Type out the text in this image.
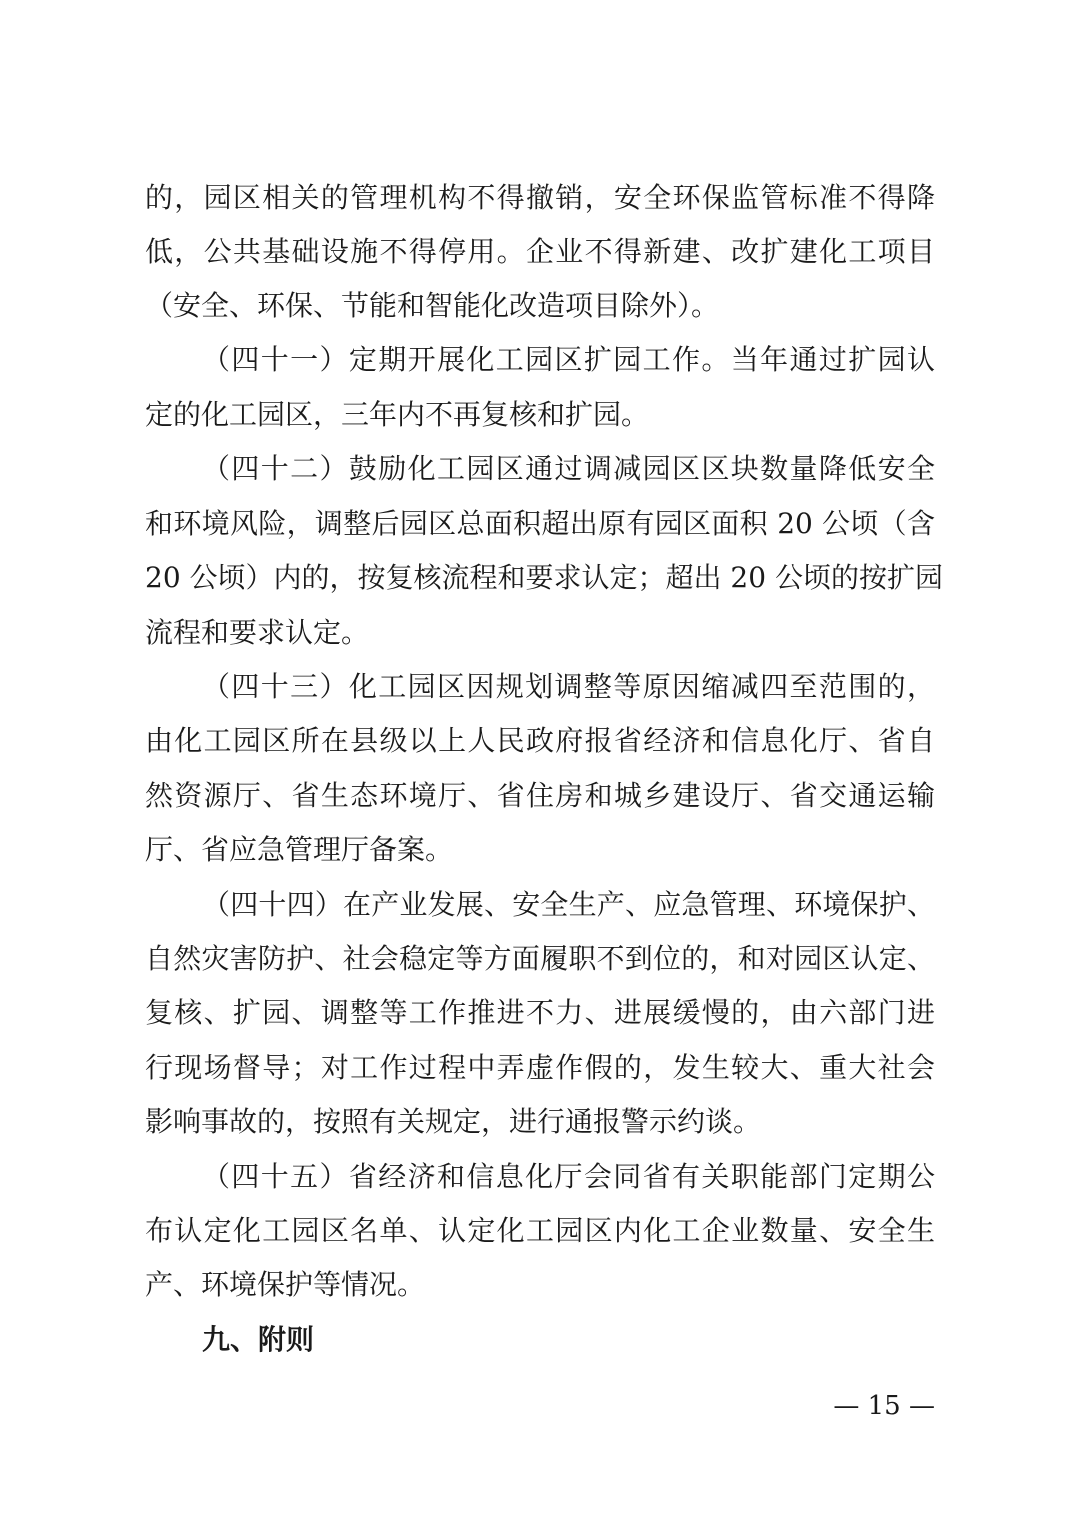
的，园区相关的管理机构不得撤销，安全环保监管标准不得降
低，公共基础设施不得停用。企业不得新建、改扩建化工项目
（安全、环保、节能和智能化改造项目除外）。
（四十一）定期开展化工园区扩园工作。当年通过扩园认
定的化工园区，三年内不再复核和扩园。
（四十二）鼓励化工园区通过调减园区区块数量降低安全
和环境风险，调整后园区总面积超出原有园区面积 20 公顷（含
20 公顷）内的，按复核流程和要求认定；超出 20 公顷的按扩园
流程和要求认定。
（四十三）化工园区因规划调整等原因缩减四至范围的，
由化工园区所在县级以上人民政府报省经济和信息化厅、省自
然资源厅、省生态环境厅、省住房和城乡建设厅、省交通运输
厅、省应急管理厅备案。
（四十四）在产业发展、安全生产、应急管理、环境保护、
自然灾害防护、社会稳定等方面履职不到位的，和对园区认定、
复核、扩园、调整等工作推进不力、进展缓慢的，由六部门进
行现场督导；对工作过程中弄虚作假的，发生较大、重大社会
影响事故的，按照有关规定，进行通报警示约谈。
（四十五）省经济和信息化厅会同省有关职能部门定期公
布认定化工园区名单、认定化工园区内化工企业数量、安全生
产、环境保护等情况。
九、附则
— 15 —
